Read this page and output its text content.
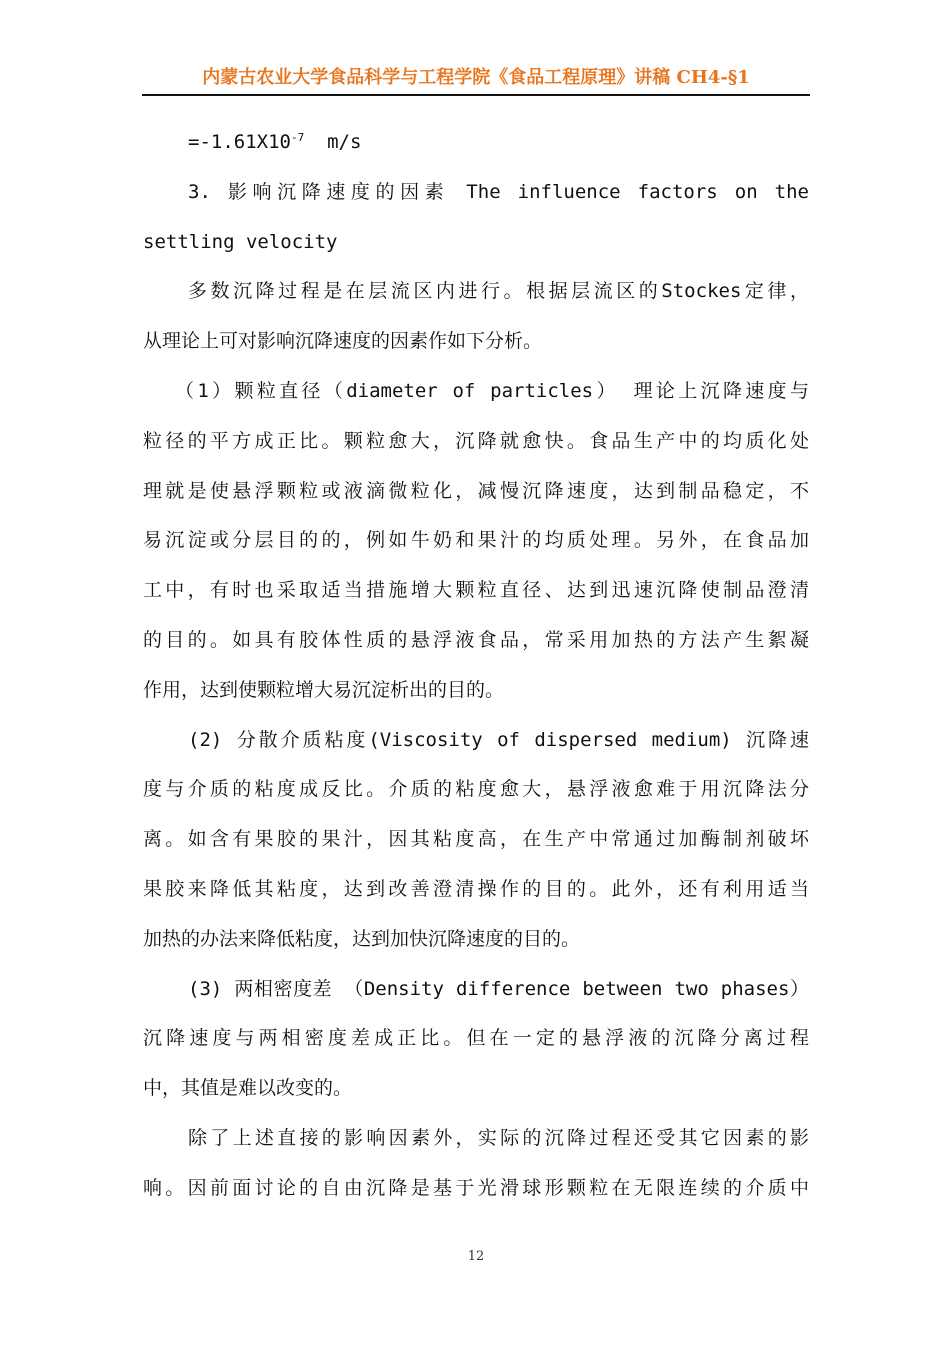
内蒙古农业大学食品科学与工程学院《食品工程原理》讲稿 CH4-§1
$=-1.61X10^{-7}$  m/s
3. 影响沉降速度的因素 The influence factors on the
settling velocity
多数沉降过程是在层流区内进行。根据层流区的Stockes定律，
从理论上可对影响沉降速度的因素作如下分析。
（1）颗粒直径（diameter of particles） 理论上沉降速度与
粒径的平方成正比。颗粒愈大，沉降就愈快。食品生产中的均质化处
理就是使悬浮颗粒或液滴微粒化，减慢沉降速度，达到制品稳定，不
易沉淀或分层目的的，例如牛奶和果汁的均质处理。另外，在食品加
工中，有时也采取适当措施增大颗粒直径、达到迅速沉降使制品澄清
的目的。如具有胶体性质的悬浮液食品，常采用加热的方法产生絮凝
作用，达到使颗粒增大易沉淀析出的目的。
(2) 分散介质粘度(Viscosity of dispersed medium) 沉降速
度与介质的粘度成反比。介质的粘度愈大，悬浮液愈难于用沉降法分
离。如含有果胶的果汁，因其粘度高，在生产中常通过加酶制剂破坏
果胶来降低其粘度，达到改善澄清操作的目的。此外，还有利用适当
加热的办法来降低粘度，达到加快沉降速度的目的。
(3) 两相密度差 （Density difference between two phases）
沉降速度与两相密度差成正比。但在一定的悬浮液的沉降分离过程
中，其值是难以改变的。
除了上述直接的影响因素外，实际的沉降过程还受其它因素的影
响。因前面讨论的自由沉降是基于光滑球形颗粒在无限连续的介质中
12
